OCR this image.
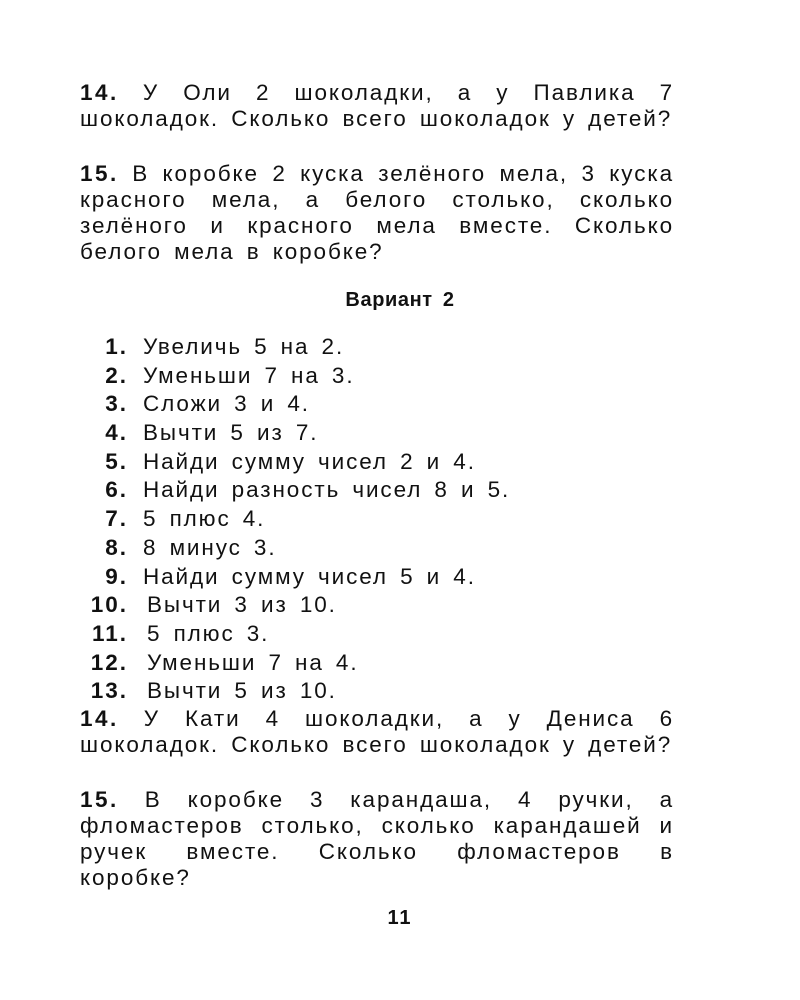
14. У Оли 2 шоколадки, а у Павлика 7 шоколадок. Сколько всего шоколадок у детей?

15. В коробке 2 куска зелёного мела, 3 куска красного мела, а белого столько, сколько зелёного и красного мела вместе. Сколько белого мела в коробке?

Вариант 2
1. Увеличь 5 на 2.
2. Уменьши 7 на 3.
3. Сложи 3 и 4.
4. Вычти 5 из 7.
5. Найди сумму чисел 2 и 4.
6. Найди разность чисел 8 и 5.
7. 5 плюс 4.
8. 8 минус 3.
9. Найди сумму чисел 5 и 4.
10. Вычти 3 из 10.
11. 5 плюс 3.
12. Уменьши 7 на 4.
13. Вычти 5 из 10.

14. У Кати 4 шоколадки, а у Дениса 6 шоколадок. Сколько всего шоколадок у детей?

15. В коробке 3 карандаша, 4 ручки, а фломастеров столько, сколько карандашей и ручек вместе. Сколько фломастеров в коробке?

11
